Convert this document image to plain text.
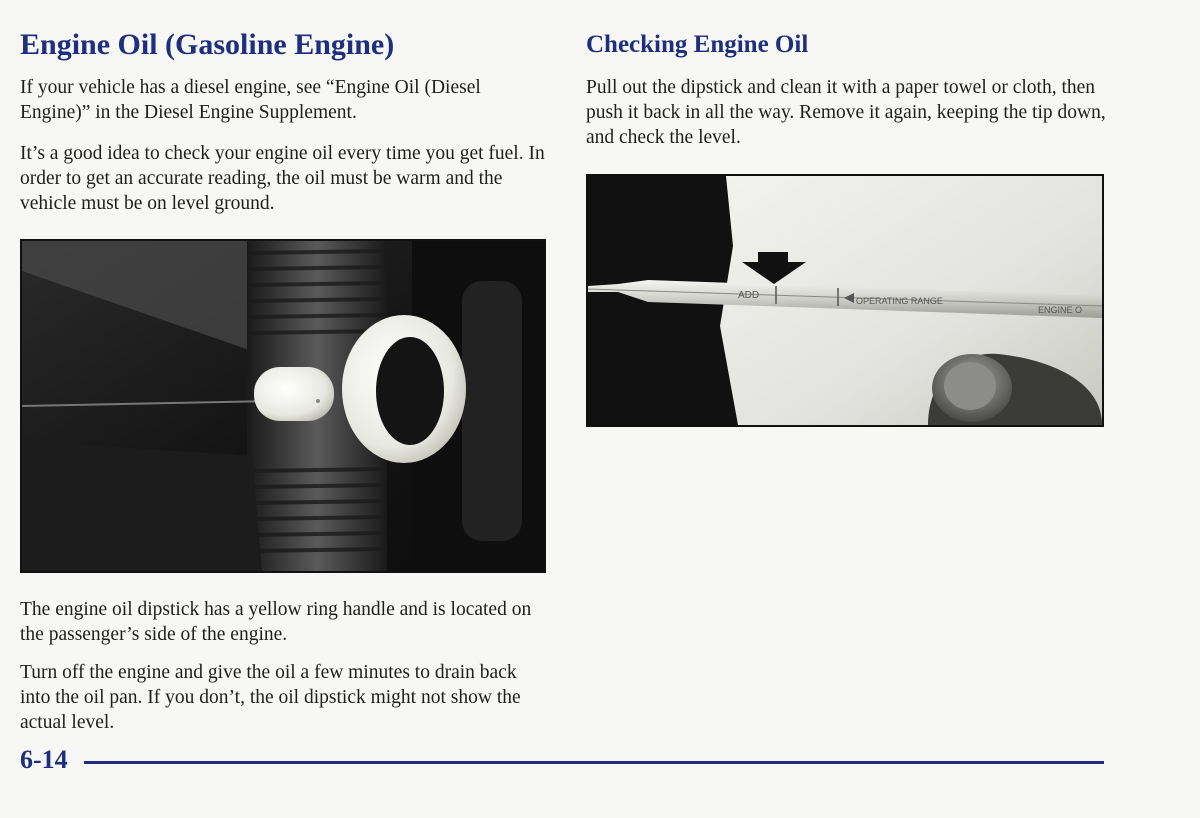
Engine Oil (Gasoline Engine)

If your vehicle has a diesel engine, see “Engine Oil (Diesel Engine)” in the Diesel Engine Supplement.

It’s a good idea to check your engine oil every time you get fuel. In order to get an accurate reading, the oil must be warm and the vehicle must be on level ground.

The engine oil dipstick has a yellow ring handle and is located on the passenger’s side of the engine.

Turn off the engine and give the oil a few minutes to drain back into the oil pan. If you don’t, the oil dipstick might not show the actual level.

Checking Engine Oil

Pull out the dipstick and clean it with a paper towel or cloth, then push it back in all the way. Remove it again, keeping the tip down, and check the level.

ADD	OPERATING RANGE
ENGINE O
6-14
